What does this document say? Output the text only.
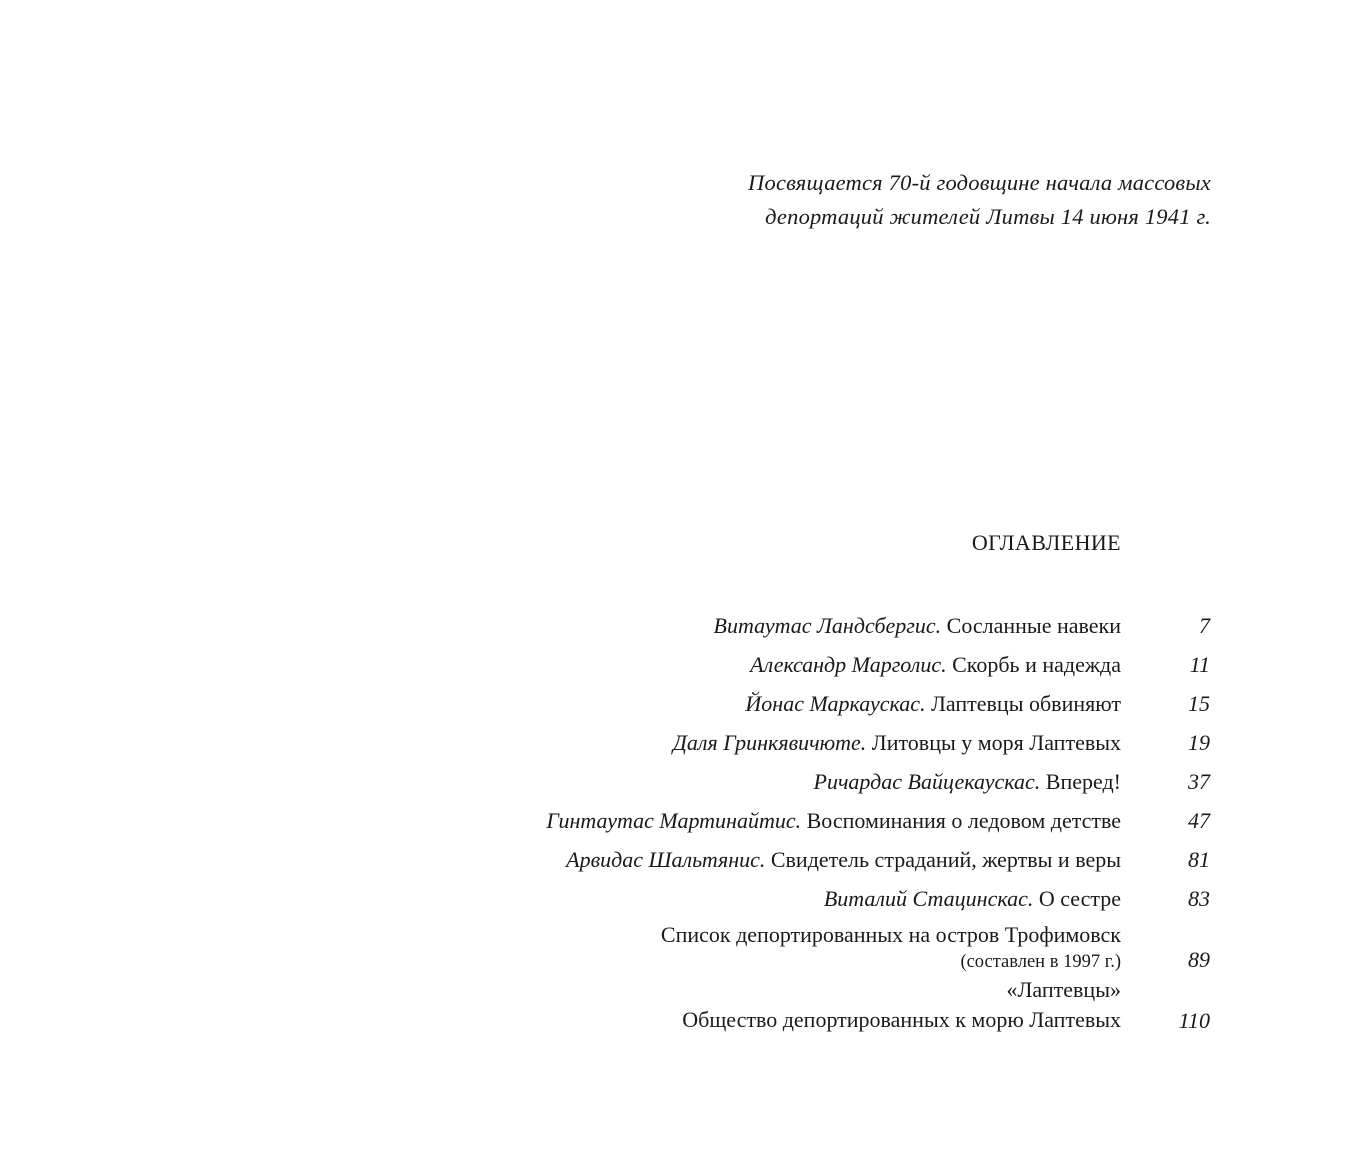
Посвящается 70-й годовщине начала массовых
депортаций жителей Литвы 14 июня 1941 г.
ОГЛАВЛЕНИЕ
Витаутас Ландсбергис. Сосланные навеки	7
Александр Марголис. Скорбь и надежда	11
Йонас Маркаускас. Лаптевцы обвиняют	15
Даля Гринкявичюте. Литовцы у моря Лаптевых	19
Ричардас Вайцекаускас. Вперед!	37
Гинтаутас Мартинайтис. Воспоминания о ледовом детстве	47
Арвидас Шальтянис. Свидетель страданий, жертвы и веры	81
Виталий Стацинскас. О сестре	83
Список депортированных на остров Трофимовск
(составлен в 1997 г.)	89
«Лаптевцы»
Общество депортированных к морю Лаптевых	110
